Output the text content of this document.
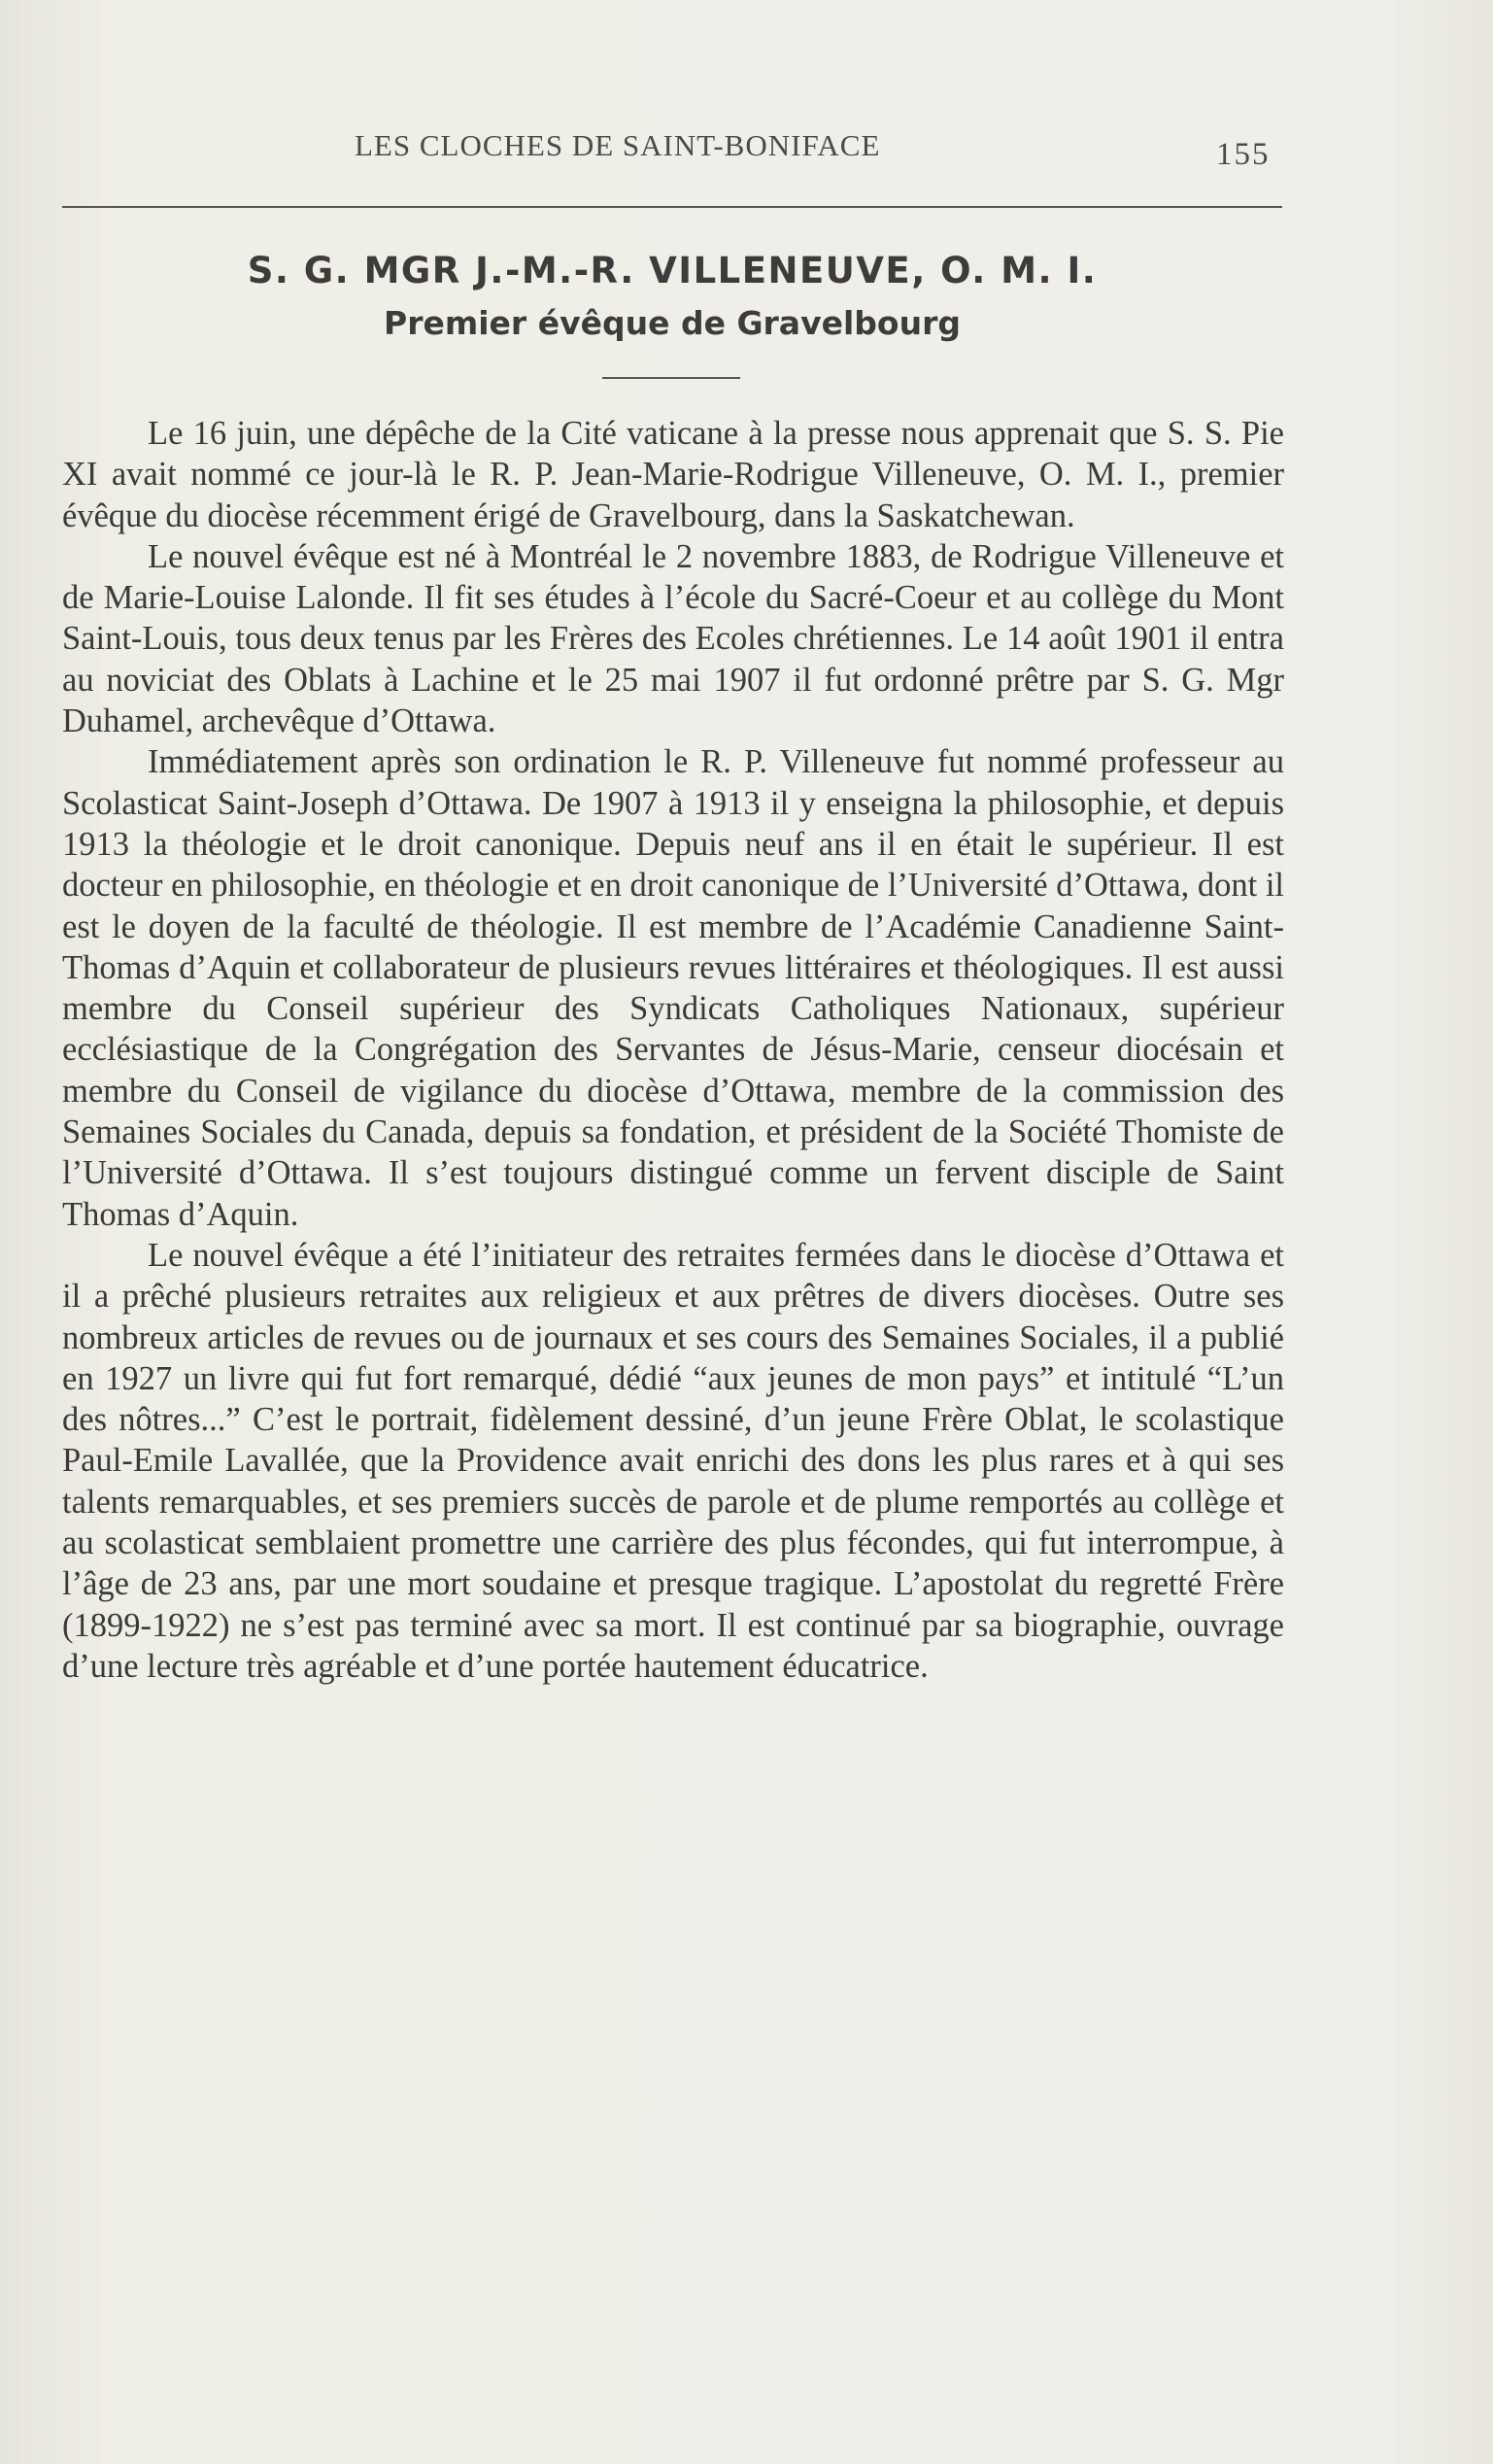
LES CLOCHES DE SAINT-BONIFACE	155
S. G. MGR J.-M.-R. VILLENEUVE, O. M. I.
Premier évêque de Gravelbourg

Le 16 juin, une dépêche de la Cité vaticane à la presse nous apprenait que S. S. Pie XI avait nommé ce jour-là le R. P. Jean-Marie-Rodrigue Villeneuve, O. M. I., premier évêque du diocèse récemment érigé de Gravelbourg, dans la Saskatchewan.

Le nouvel évêque est né à Montréal le 2 novembre 1883, de Rodrigue Villeneuve et de Marie-Louise Lalonde. Il fit ses études à l’école du Sacré-Coeur et au collège du Mont Saint-Louis, tous deux tenus par les Frères des Ecoles chrétiennes. Le 14 août 1901 il entra au noviciat des Oblats à Lachine et le 25 mai 1907 il fut ordonné prêtre par S. G. Mgr Duhamel, archevêque d’Ottawa.

Immédiatement après son ordination le R. P. Villeneuve fut nommé professeur au Scolasticat Saint-Joseph d’Ottawa. De 1907 à 1913 il y enseigna la philosophie, et depuis 1913 la théologie et le droit canonique. Depuis neuf ans il en était le supérieur. Il est docteur en philosophie, en théologie et en droit canonique de l’Université d’Ottawa, dont il est le doyen de la faculté de théologie. Il est membre de l’Académie Canadienne Saint-Thomas d’Aquin et collaborateur de plusieurs revues littéraires et théologiques. Il est aussi membre du Conseil supérieur des Syndicats Catholiques Nationaux, supérieur ecclésiastique de la Congrégation des Servantes de Jésus-Marie, censeur diocésain et membre du Conseil de vigilance du diocèse d’Ottawa, membre de la commission des Semaines Sociales du Canada, depuis sa fondation, et président de la Société Thomiste de l’Université d’Ottawa. Il s’est toujours distingué comme un fervent disciple de Saint Thomas d’Aquin.

Le nouvel évêque a été l’initiateur des retraites fermées dans le diocèse d’Ottawa et il a prêché plusieurs retraites aux religieux et aux prêtres de divers diocèses. Outre ses nombreux articles de revues ou de journaux et ses cours des Semaines Sociales, il a publié en 1927 un livre qui fut fort remarqué, dédié “aux jeunes de mon pays” et intitulé “L’un des nôtres...” C’est le portrait, fidèlement dessiné, d’un jeune Frère Oblat, le scolastique Paul-Emile Lavallée, que la Providence avait enrichi des dons les plus rares et à qui ses talents remarquables, et ses premiers succès de parole et de plume remportés au collège et au scolasticat semblaient promettre une carrière des plus fécondes, qui fut interrompue, à l’âge de 23 ans, par une mort soudaine et presque tragique. L’apostolat du regretté Frère (1899-1922) ne s’est pas terminé avec sa mort. Il est continué par sa biographie, ouvrage d’une lecture très agréable et d’une portée hautement éducatrice.
